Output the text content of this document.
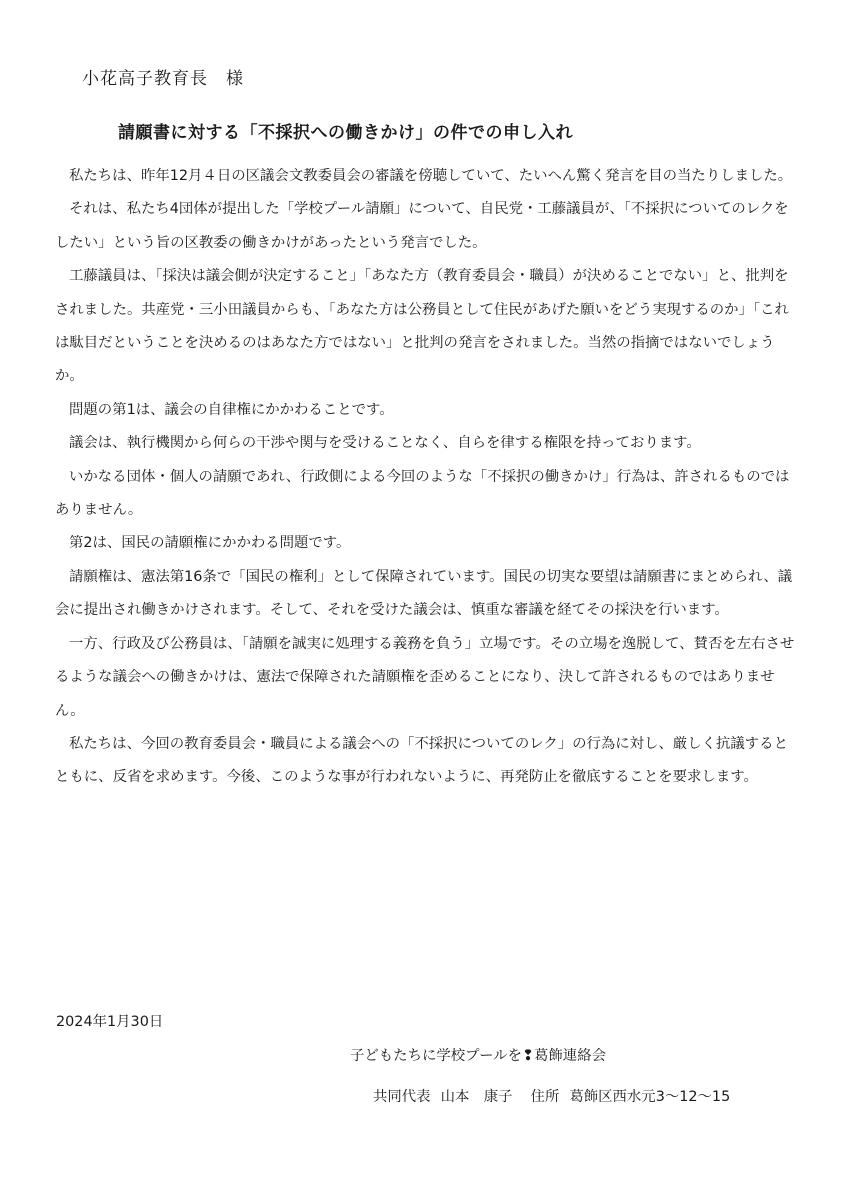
小花高子教育長　様
請願書に対する「不採択への働きかけ」の件での申し入れ

私たちは、昨年12月４日の区議会文教委員会の審議を傍聴していて、たいへん驚く発言を目の当たりしました。

それは、私たち4団体が提出した「学校プール請願」について、自民党・工藤議員が、「不採択についてのレクをしたい」という旨の区教委の働きかけがあったという発言でした。

工藤議員は、「採決は議会側が決定すること」「あなた方（教育委員会・職員）が決めることでない」と、批判をされました。共産党・三小田議員からも、「あなた方は公務員として住民があげた願いをどう実現するのか」「これは駄目だということを決めるのはあなた方ではない」と批判の発言をされました。当然の指摘ではないでしょうか。

問題の第1は、議会の自律権にかかわることです。

議会は、執行機関から何らの干渉や関与を受けることなく、自らを律する権限を持っております。

いかなる団体・個人の請願であれ、行政側による今回のような「不採択の働きかけ」行為は、許されるものではありません。

第2は、国民の請願権にかかわる問題です。

請願権は、憲法第16条で「国民の権利」として保障されています。国民の切実な要望は請願書にまとめられ、議会に提出され働きかけされます。そして、それを受けた議会は、慎重な審議を経てその採決を行います。

一方、行政及び公務員は、「請願を誠実に処理する義務を負う」立場です。その立場を逸脱して、賛否を左右させるような議会への働きかけは、憲法で保障された請願権を歪めることになり、決して許されるものではありません。

私たちは、今回の教育委員会・職員による議会への「不採択についてのレク」の行為に対し、厳しく抗議するとともに、反省を求めます。今後、このような事が行われないように、再発防止を徹底することを要求します。

2024年1月30日
子どもたちに学校プールを❢葛飾連絡会
共同代表 山本　康子 住所 葛飾区西水元3〜12〜15
